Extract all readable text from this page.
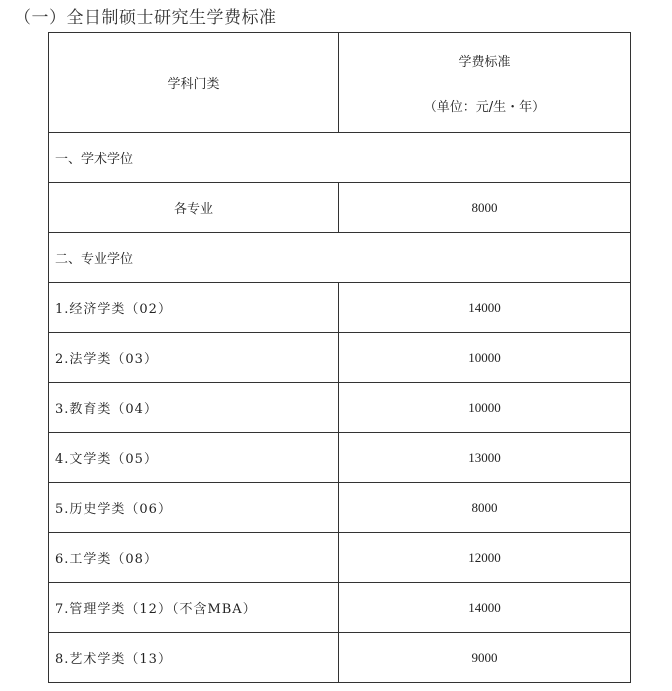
（一）全日制硕士研究生学费标准
学科门类	学费标准
（单位：元/生・年）

一、学术学位	
各专业	8000
二、专业学位	
1.经济学类（02）	14000
2.法学类（03）	10000
3.教育类（04）	10000
4.文学类（05）	13000
5.历史学类（06）	8000
6.工学类（08）	12000
7.管理学类（12）（不含MBA）	14000
8.艺术学类（13）	9000
